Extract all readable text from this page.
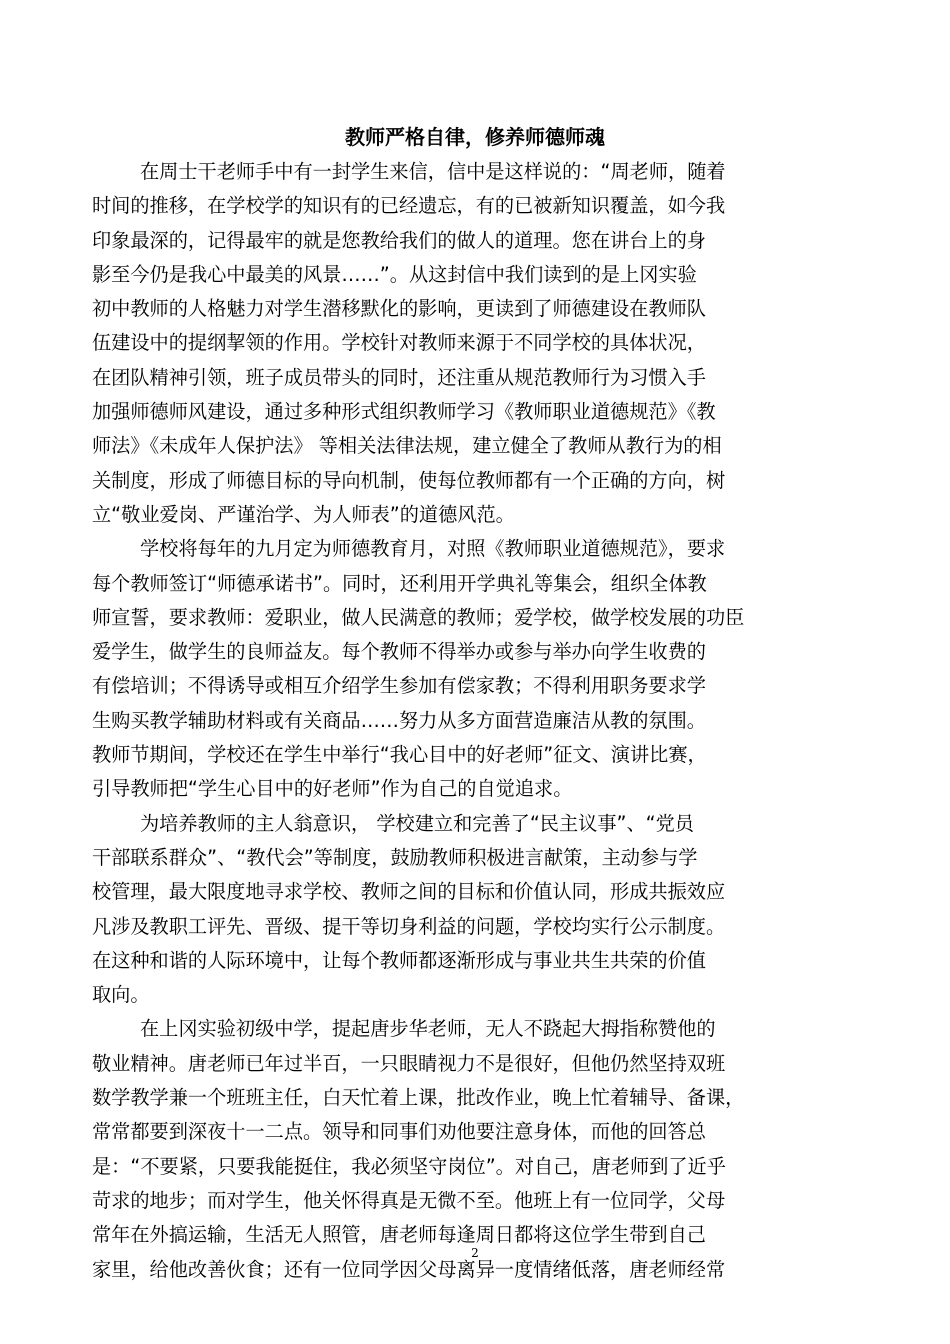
教师严格自律，修养师德师魂
在周士干老师手中有一封学生来信，信中是这样说的：“周老师，随着
时间的推移，在学校学的知识有的已经遗忘，有的已被新知识覆盖，如今我
印象最深的，记得最牢的就是您教给我们的做人的道理。您在讲台上的身
影至今仍是我心中最美的风景……”。从这封信中我们读到的是上冈实验
初中教师的人格魅力对学生潜移默化的影响，更读到了师德建设在教师队
伍建设中的提纲挈领的作用。学校针对教师来源于不同学校的具体状况，
在团队精神引领，班子成员带头的同时，还注重从规范教师行为习惯入手
加强师德师风建设，通过多种形式组织教师学习《教师职业道德规范》《教
师法》《未成年人保护法》 等相关法律法规，建立健全了教师从教行为的相
关制度，形成了师德目标的导向机制，使每位教师都有一个正确的方向，树
立“敬业爱岗、严谨治学、为人师表”的道德风范。
学校将每年的九月定为师德教育月，对照《教师职业道德规范》，要求
每个教师签订“师德承诺书”。同时，还利用开学典礼等集会，组织全体教
师宣誓，要求教师：爱职业，做人民满意的教师；爱学校，做学校发展的功臣
爱学生，做学生的良师益友。每个教师不得举办或参与举办向学生收费的
有偿培训；不得诱导或相互介绍学生参加有偿家教；不得利用职务要求学
生购买教学辅助材料或有关商品……努力从多方面营造廉洁从教的氛围。
教师节期间，学校还在学生中举行“我心目中的好老师”征文、演讲比赛，
引导教师把“学生心目中的好老师”作为自己的自觉追求。
为培养教师的主人翁意识， 学校建立和完善了“民主议事”、“党员
干部联系群众”、“教代会”等制度，鼓励教师积极进言献策，主动参与学
校管理，最大限度地寻求学校、教师之间的目标和价值认同，形成共振效应
凡涉及教职工评先、晋级、提干等切身利益的问题，学校均实行公示制度。
在这种和谐的人际环境中，让每个教师都逐渐形成与事业共生共荣的价值
取向。
在上冈实验初级中学，提起唐步华老师，无人不跷起大拇指称赞他的
敬业精神。唐老师已年过半百，一只眼睛视力不是很好，但他仍然坚持双班
数学教学兼一个班班主任，白天忙着上课，批改作业，晚上忙着辅导、备课，
常常都要到深夜十一二点。领导和同事们劝他要注意身体，而他的回答总
是：“不要紧，只要我能挺住，我必须坚守岗位”。对自己，唐老师到了近乎
苛求的地步；而对学生，他关怀得真是无微不至。他班上有一位同学，父母
常年在外搞运输，生活无人照管，唐老师每逢周日都将这位学生带到自己
家里，给他改善伙食；还有一位同学因父母离异一度情绪低落，唐老师经常
2
